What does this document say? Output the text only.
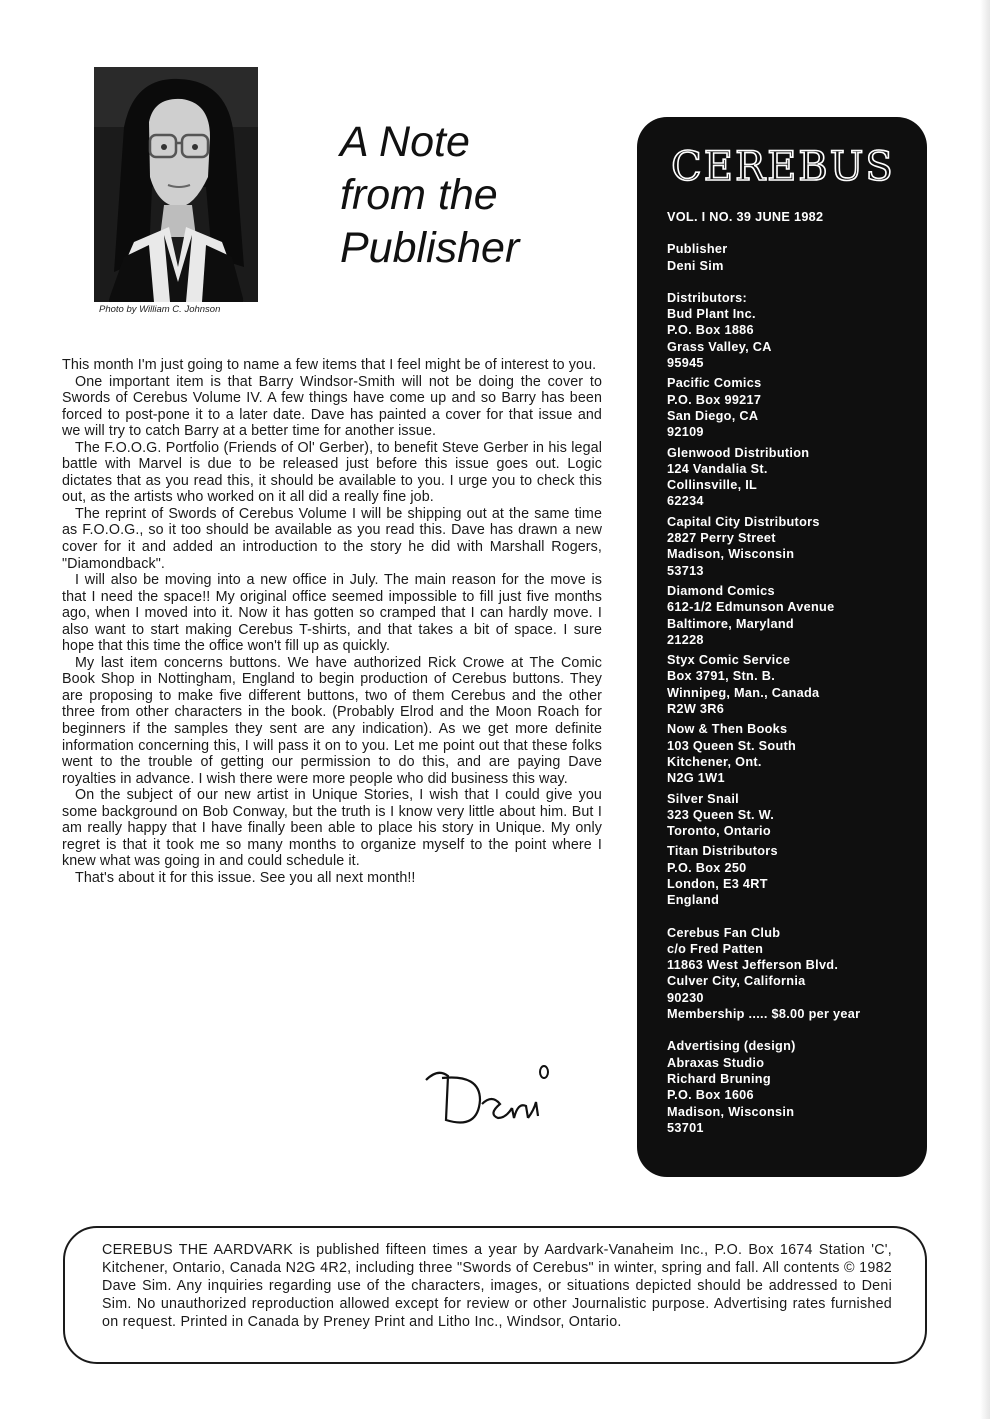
Photo by William C. Johnson
A Note
from the
Publisher

This month I'm just going to name a few items that I feel might be of interest to you.

One important item is that Barry Windsor-Smith will not be doing the cover to Swords of Cerebus Volume IV. A few things have come up and so Barry has been forced to post-pone it to a later date. Dave has painted a cover for that issue and we will try to catch Barry at a better time for another issue.

The F.O.O.G. Portfolio (Friends of Ol' Gerber), to benefit Steve Gerber in his legal battle with Marvel is due to be released just before this issue goes out. Logic dictates that as you read this, it should be available to you. I urge you to check this out, as the artists who worked on it all did a really fine job.

The reprint of Swords of Cerebus Volume I will be shipping out at the same time as F.O.O.G., so it too should be available as you read this. Dave has drawn a new cover for it and added an introduction to the story he did with Marshall Rogers, "Diamondback".

I will also be moving into a new office in July. The main reason for the move is that I need the space!! My original office seemed impossible to fill just five months ago, when I moved into it. Now it has gotten so cramped that I can hardly move. I also want to start making Cerebus T-shirts, and that takes a bit of space. I sure hope that this time the office won't fill up as quickly.

My last item concerns buttons. We have authorized Rick Crowe at The Comic Book Shop in Nottingham, England to begin production of Cerebus buttons. They are proposing to make five different buttons, two of them Cerebus and the other three from other characters in the book. (Probably Elrod and the Moon Roach for beginners if the samples they sent are any indication). As we get more definite information concerning this, I will pass it on to you. Let me point out that these folks went to the trouble of getting our permission to do this, and are paying Dave royalties in advance. I wish there were more people who did business this way.

On the subject of our new artist in Unique Stories, I wish that I could give you some background on Bob Conway, but the truth is I know very little about him. But I am really happy that I have finally been able to place his story in Unique. My only regret is that it took me so many months to organize myself to the point where I knew what was going in and could schedule it.

That's about it for this issue. See you all next month!!

CEREBUS
VOL. I NO. 39 JUNE 1982
Publisher
Deni Sim
Distributors:
Bud Plant Inc.
P.O. Box 1886
Grass Valley, CA
95945
Pacific Comics
P.O. Box 99217
San Diego, CA
92109
Glenwood Distribution
124 Vandalia St.
Collinsville, IL
62234
Capital City Distributors
2827 Perry Street
Madison, Wisconsin
53713
Diamond Comics
612-1/2 Edmunson Avenue
Baltimore, Maryland
21228
Styx Comic Service
Box 3791, Stn. B.
Winnipeg, Man., Canada
R2W 3R6
Now & Then Books
103 Queen St. South
Kitchener, Ont.
N2G 1W1
Silver Snail
323 Queen St. W.
Toronto, Ontario
Titan Distributors
P.O. Box 250
London, E3 4RT
England
Cerebus Fan Club
c/o Fred Patten
11863 West Jefferson Blvd.
Culver City, California
90230
Membership ..... $8.00 per year
Advertising (design)
Abraxas Studio
Richard Bruning
P.O. Box 1606
Madison, Wisconsin
53701
CEREBUS THE AARDVARK is published fifteen times a year by Aardvark-Vanaheim Inc., P.O. Box 1674 Station 'C', Kitchener, Ontario, Canada N2G 4R2, including three "Swords of Cerebus" in winter, spring and fall. All contents © 1982 Dave Sim. Any inquiries regarding use of the characters, images, or situations depicted should be addressed to Deni Sim. No unauthorized reproduction allowed except for review or other Journalistic purpose. Advertising rates furnished on request. Printed in Canada by Preney Print and Litho Inc., Windsor, Ontario.
